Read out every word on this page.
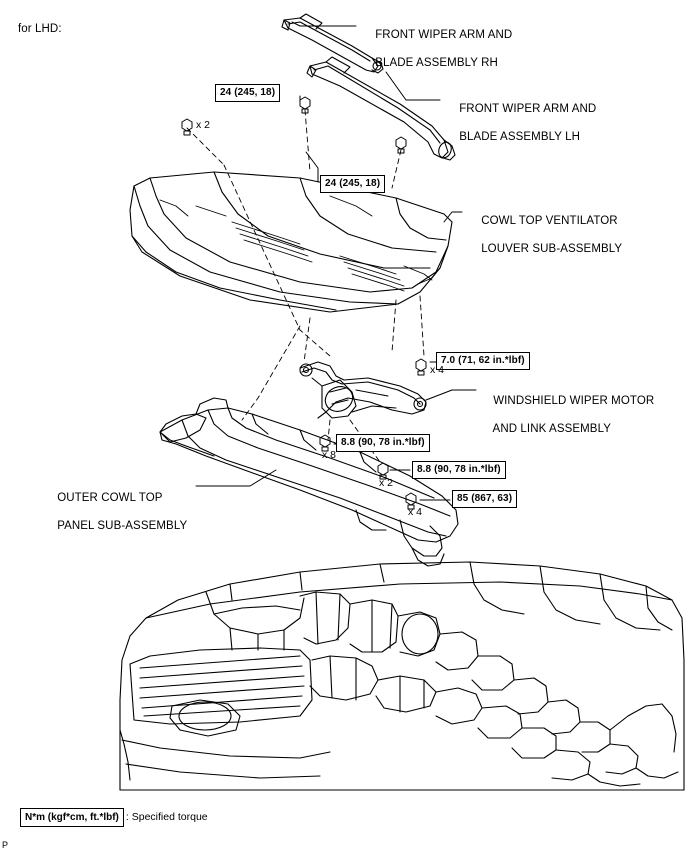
for LHD:	FRONT WIPER ARM AND

BLADE ASSEMBLY RH

FRONT WIPER ARM AND

BLADE ASSEMBLY LH

COWL TOP VENTILATOR

LOUVER SUB-ASSEMBLY

WINDSHIELD WIPER MOTOR

AND LINK ASSEMBLY

OUTER COWL TOP

PANEL SUB-ASSEMBLY

24 (245, 18)
24 (245, 18)
7.0 (71, 62 in.*lbf)
8.8 (90, 78 in.*lbf)
8.8 (90, 78 in.*lbf)
85 (867, 63)
x 2
x 4
x 8
x 2
x 4
N*m (kgf*cm, ft.*lbf) : Specified torque
P
